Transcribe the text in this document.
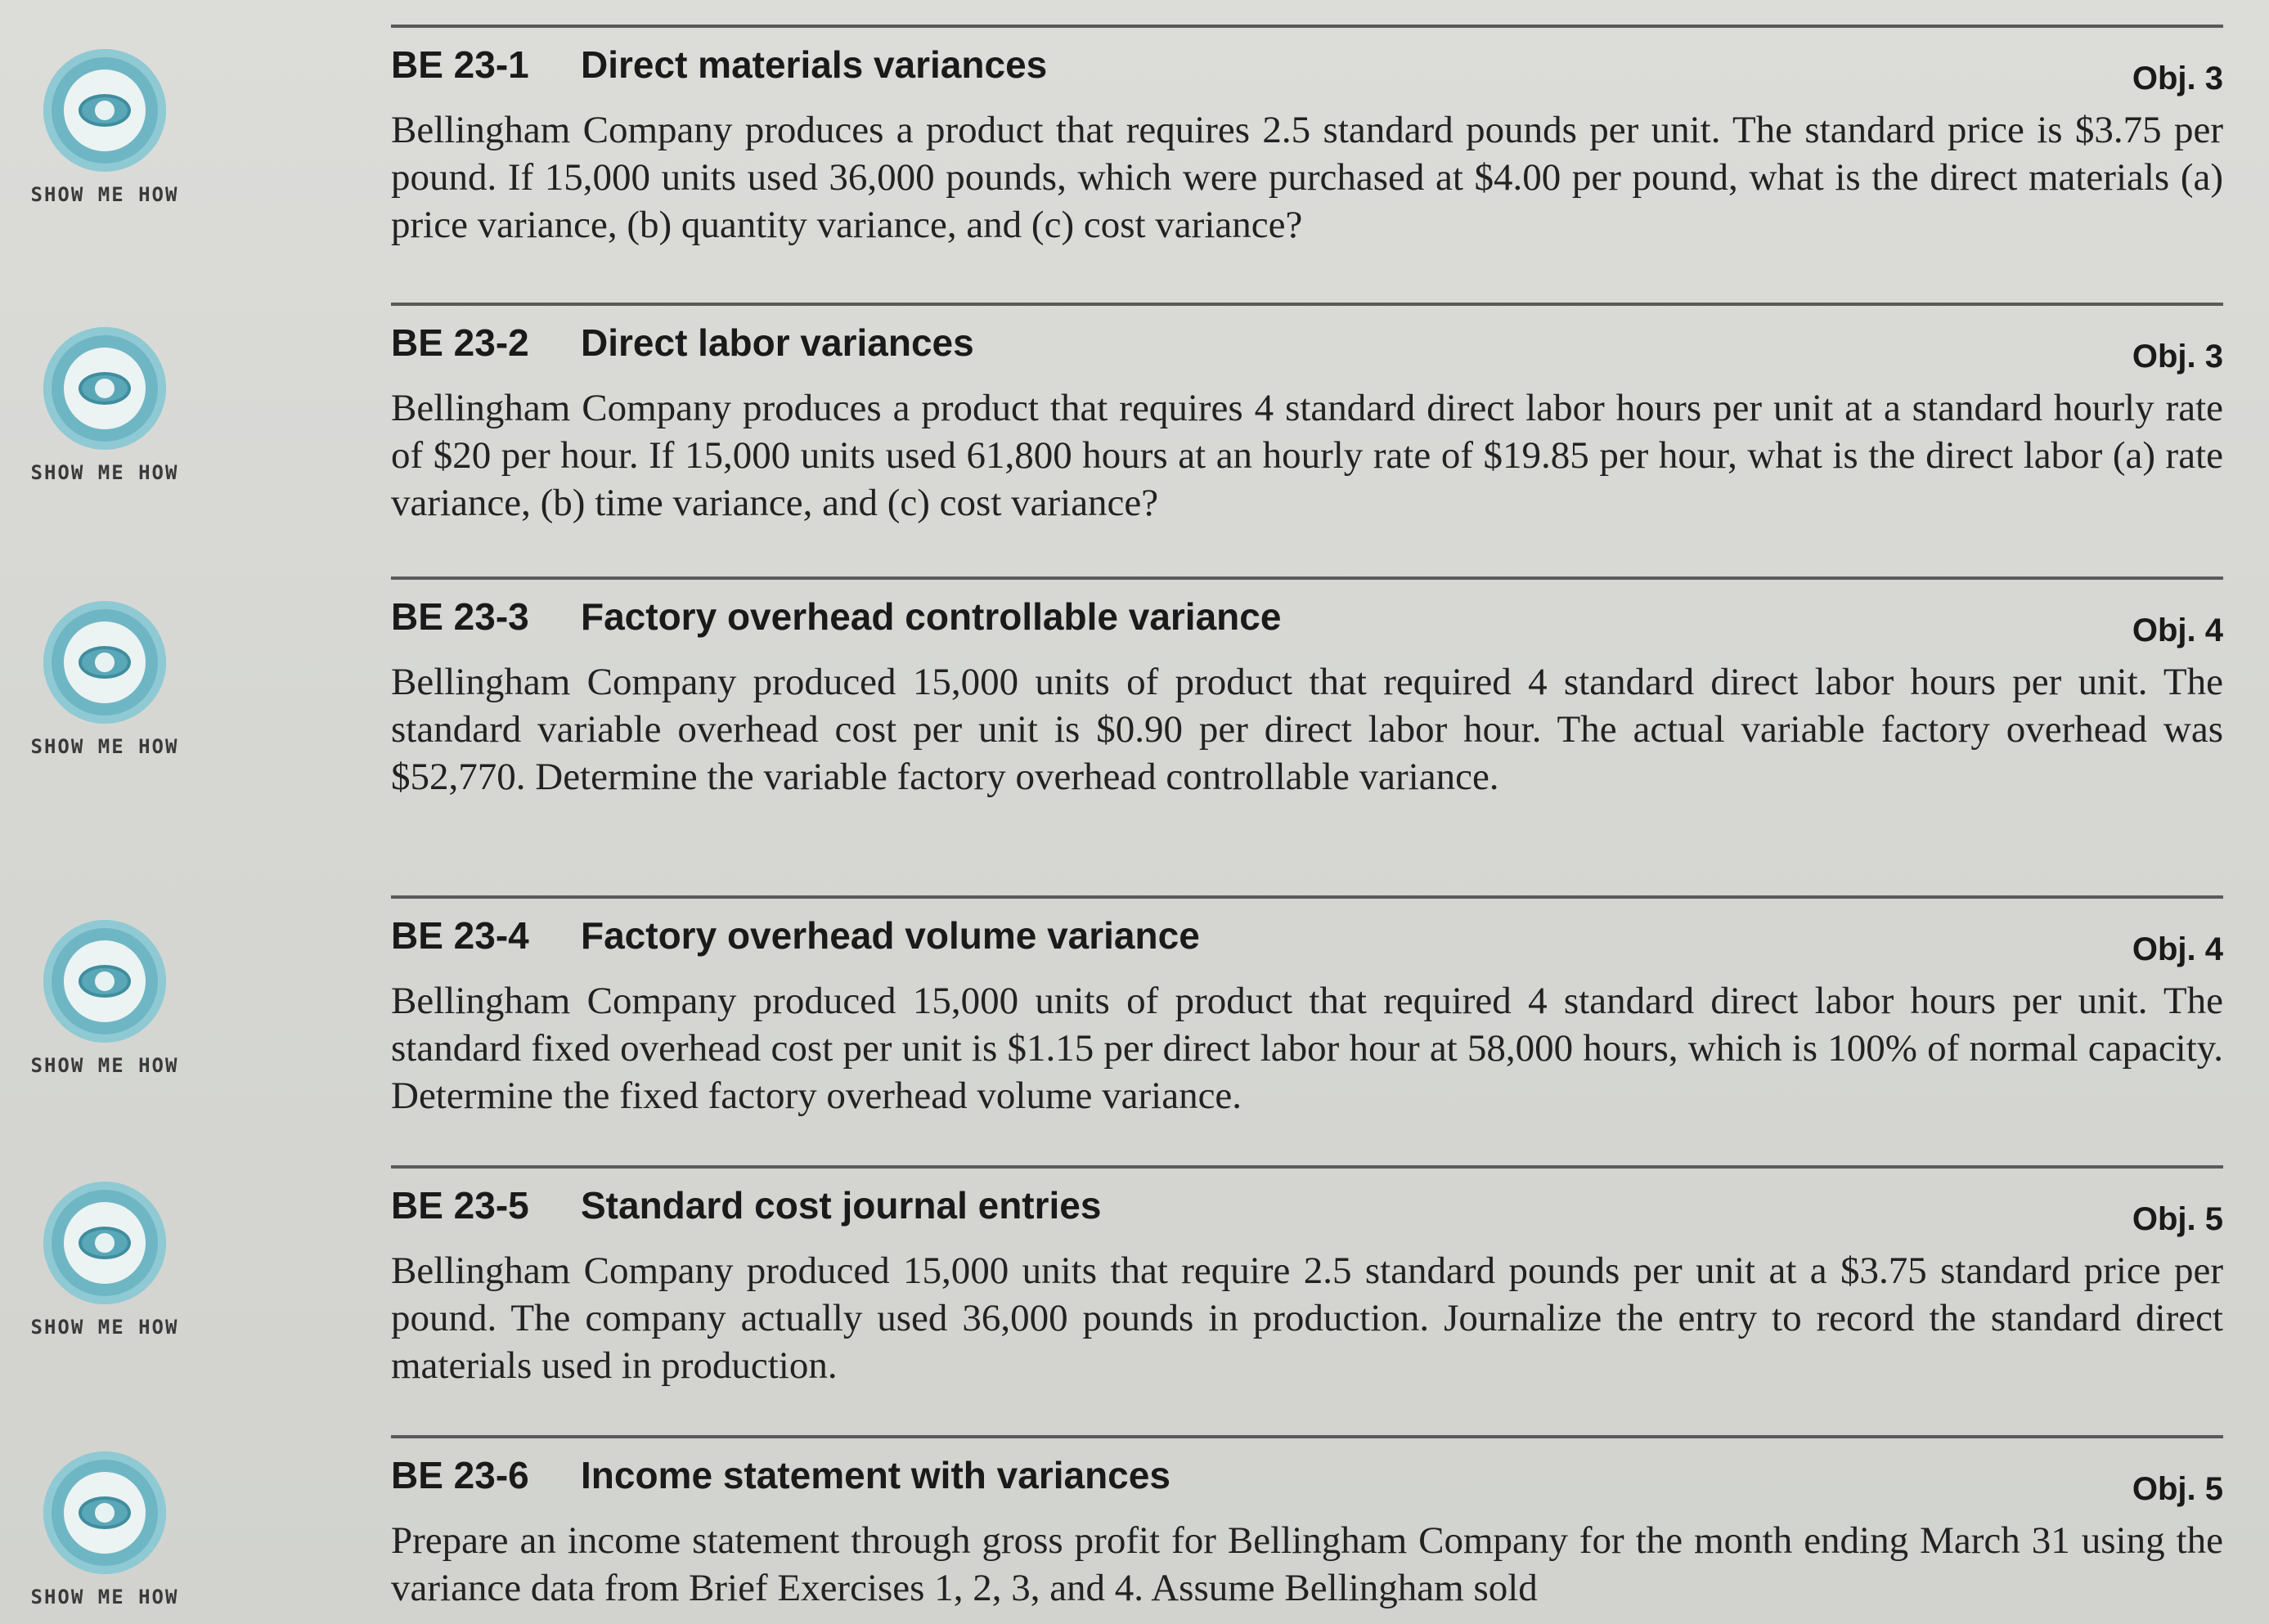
SHOW ME HOW
SHOW ME HOW
SHOW ME HOW
SHOW ME HOW
SHOW ME HOW
SHOW ME HOW
BE 23-1 Direct materials variances	Obj. 3
Bellingham Company produces a product that requires 2.5 standard pounds per unit. The standard price is $3.75 per pound. If 15,000 units used 36,000 pounds, which were purchased at $4.00 per pound, what is the direct materials (a) price variance, (b) quantity variance, and (c) cost variance?
BE 23-2 Direct labor variances	Obj. 3
Bellingham Company produces a product that requires 4 standard direct labor hours per unit at a standard hourly rate of $20 per hour. If 15,000 units used 61,800 hours at an hourly rate of $19.85 per hour, what is the direct labor (a) rate variance, (b) time variance, and (c) cost variance?
BE 23-3 Factory overhead controllable variance	Obj. 4
Bellingham Company produced 15,000 units of product that required 4 standard direct labor hours per unit. The standard variable overhead cost per unit is $0.90 per direct labor hour. The actual variable factory overhead was $52,770. Determine the variable factory overhead controllable variance.
BE 23-4 Factory overhead volume variance	Obj. 4
Bellingham Company produced 15,000 units of product that required 4 standard direct labor hours per unit. The standard fixed overhead cost per unit is $1.15 per direct labor hour at 58,000 hours, which is 100% of normal capacity. Determine the fixed factory overhead volume variance.
BE 23-5 Standard cost journal entries	Obj. 5
Bellingham Company produced 15,000 units that require 2.5 standard pounds per unit at a $3.75 standard price per pound. The company actually used 36,000 pounds in production. Journalize the entry to record the standard direct materials used in production.
BE 23-6 Income statement with variances	Obj. 5
Prepare an income statement through gross profit for Bellingham Company for the month ending March 31 using the variance data from Brief Exercises 1, 2, 3, and 4. Assume Bellingham sold
